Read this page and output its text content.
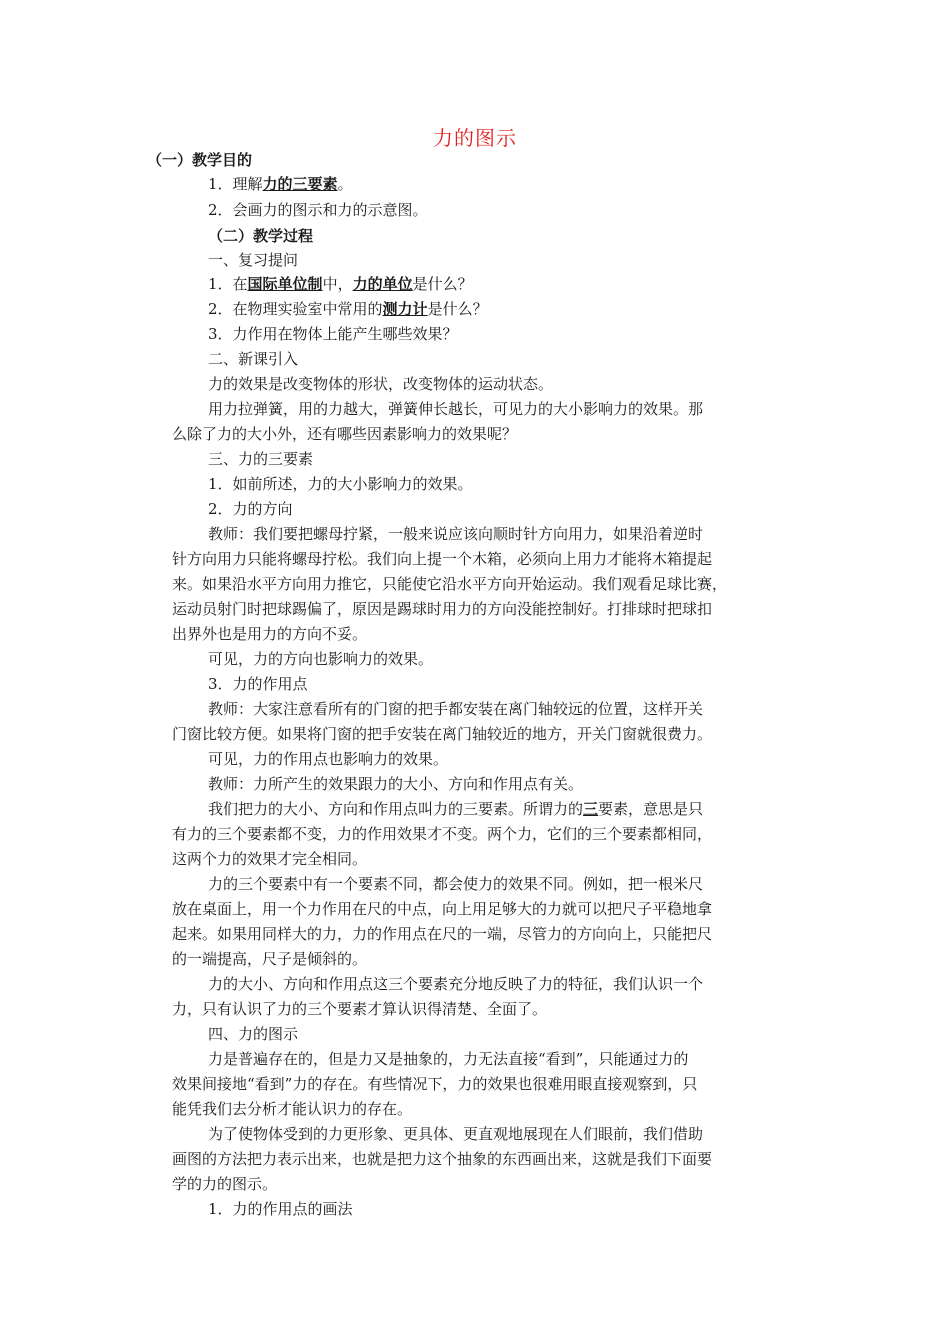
力的图示
（一）教学目的
1．理解力的三要素。
2．会画力的图示和力的示意图。
（二）教学过程
一、复习提问
1．在国际单位制中，力的单位是什么？
2．在物理实验室中常用的测力计是什么？
3．力作用在物体上能产生哪些效果？
二、新课引入
力的效果是改变物体的形状，改变物体的运动状态。
用力拉弹簧，用的力越大，弹簧伸长越长，可见力的大小影响力的效果。那
么除了力的大小外，还有哪些因素影响力的效果呢？
三、力的三要素
1．如前所述，力的大小影响力的效果。
2．力的方向
教师：我们要把螺母拧紧，一般来说应该向顺时针方向用力，如果沿着逆时
针方向用力只能将螺母拧松。我们向上提一个木箱，必须向上用力才能将木箱提起
来。如果沿水平方向用力推它，只能使它沿水平方向开始运动。我们观看足球比赛，
运动员射门时把球踢偏了，原因是踢球时用力的方向没能控制好。打排球时把球扣
出界外也是用力的方向不妥。
可见，力的方向也影响力的效果。
3．力的作用点
教师：大家注意看所有的门窗的把手都安装在离门轴较远的位置，这样开关
门窗比较方便。如果将门窗的把手安装在离门轴较近的地方，开关门窗就很费力。
可见，力的作用点也影响力的效果。
教师：力所产生的效果跟力的大小、方向和作用点有关。
我们把力的大小、方向和作用点叫力的三要素。所谓力的三要素，意思是只
有力的三个要素都不变，力的作用效果才不变。两个力，它们的三个要素都相同，
这两个力的效果才完全相同。
力的三个要素中有一个要素不同，都会使力的效果不同。例如，把一根米尺
放在桌面上，用一个力作用在尺的中点，向上用足够大的力就可以把尺子平稳地拿
起来。如果用同样大的力，力的作用点在尺的一端，尽管力的方向向上，只能把尺
的一端提高，尺子是倾斜的。
力的大小、方向和作用点这三个要素充分地反映了力的特征，我们认识一个
力，只有认识了力的三个要素才算认识得清楚、全面了。
四、力的图示
力是普遍存在的，但是力又是抽象的，力无法直接“看到”，只能通过力的
效果间接地“看到”力的存在。有些情况下，力的效果也很难用眼直接观察到，只
能凭我们去分析才能认识力的存在。
为了使物体受到的力更形象、更具体、更直观地展现在人们眼前，我们借助
画图的方法把力表示出来，也就是把力这个抽象的东西画出来，这就是我们下面要
学的力的图示。
1．力的作用点的画法
